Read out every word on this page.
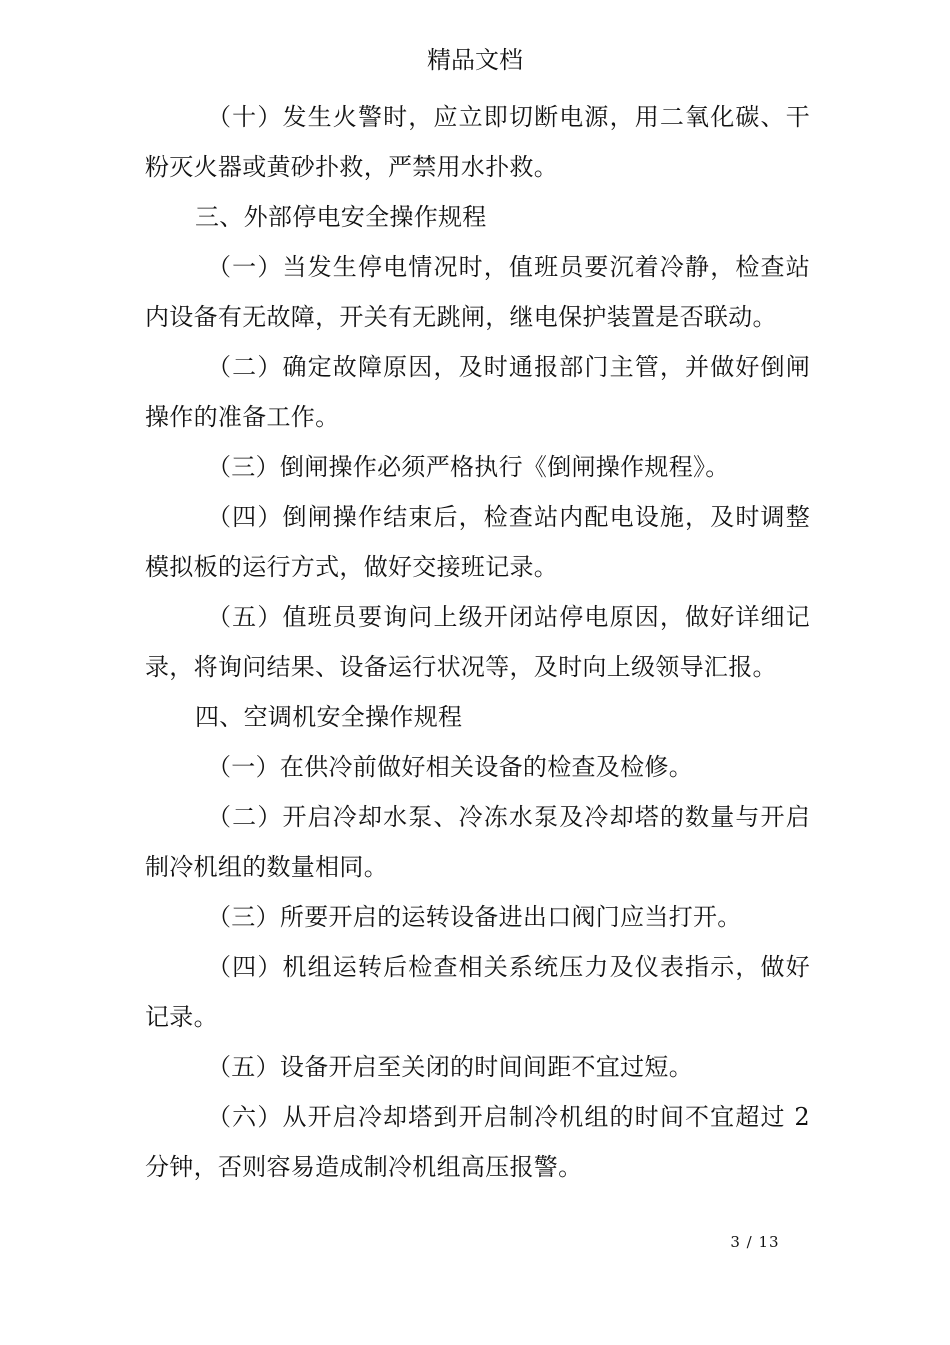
精品文档

（十）发生火警时，应立即切断电源，用二氧化碳、干粉灭火器或黄砂扑救，严禁用水扑救。

三、外部停电安全操作规程

（一）当发生停电情况时，值班员要沉着冷静，检查站内设备有无故障，开关有无跳闸，继电保护装置是否联动。

（二）确定故障原因，及时通报部门主管，并做好倒闸操作的准备工作。

（三）倒闸操作必须严格执行《倒闸操作规程》。

（四）倒闸操作结束后，检查站内配电设施，及时调整模拟板的运行方式，做好交接班记录。

（五）值班员要询问上级开闭站停电原因，做好详细记录，将询问结果、设备运行状况等，及时向上级领导汇报。

四、空调机安全操作规程

（一）在供冷前做好相关设备的检查及检修。

（二）开启冷却水泵、冷冻水泵及冷却塔的数量与开启制冷机组的数量相同。

（三）所要开启的运转设备进出口阀门应当打开。

（四）机组运转后检查相关系统压力及仪表指示，做好记录。

（五）设备开启至关闭的时间间距不宜过短。

（六）从开启冷却塔到开启制冷机组的时间不宜超过 2 分钟，否则容易造成制冷机组高压报警。

3 / 13
